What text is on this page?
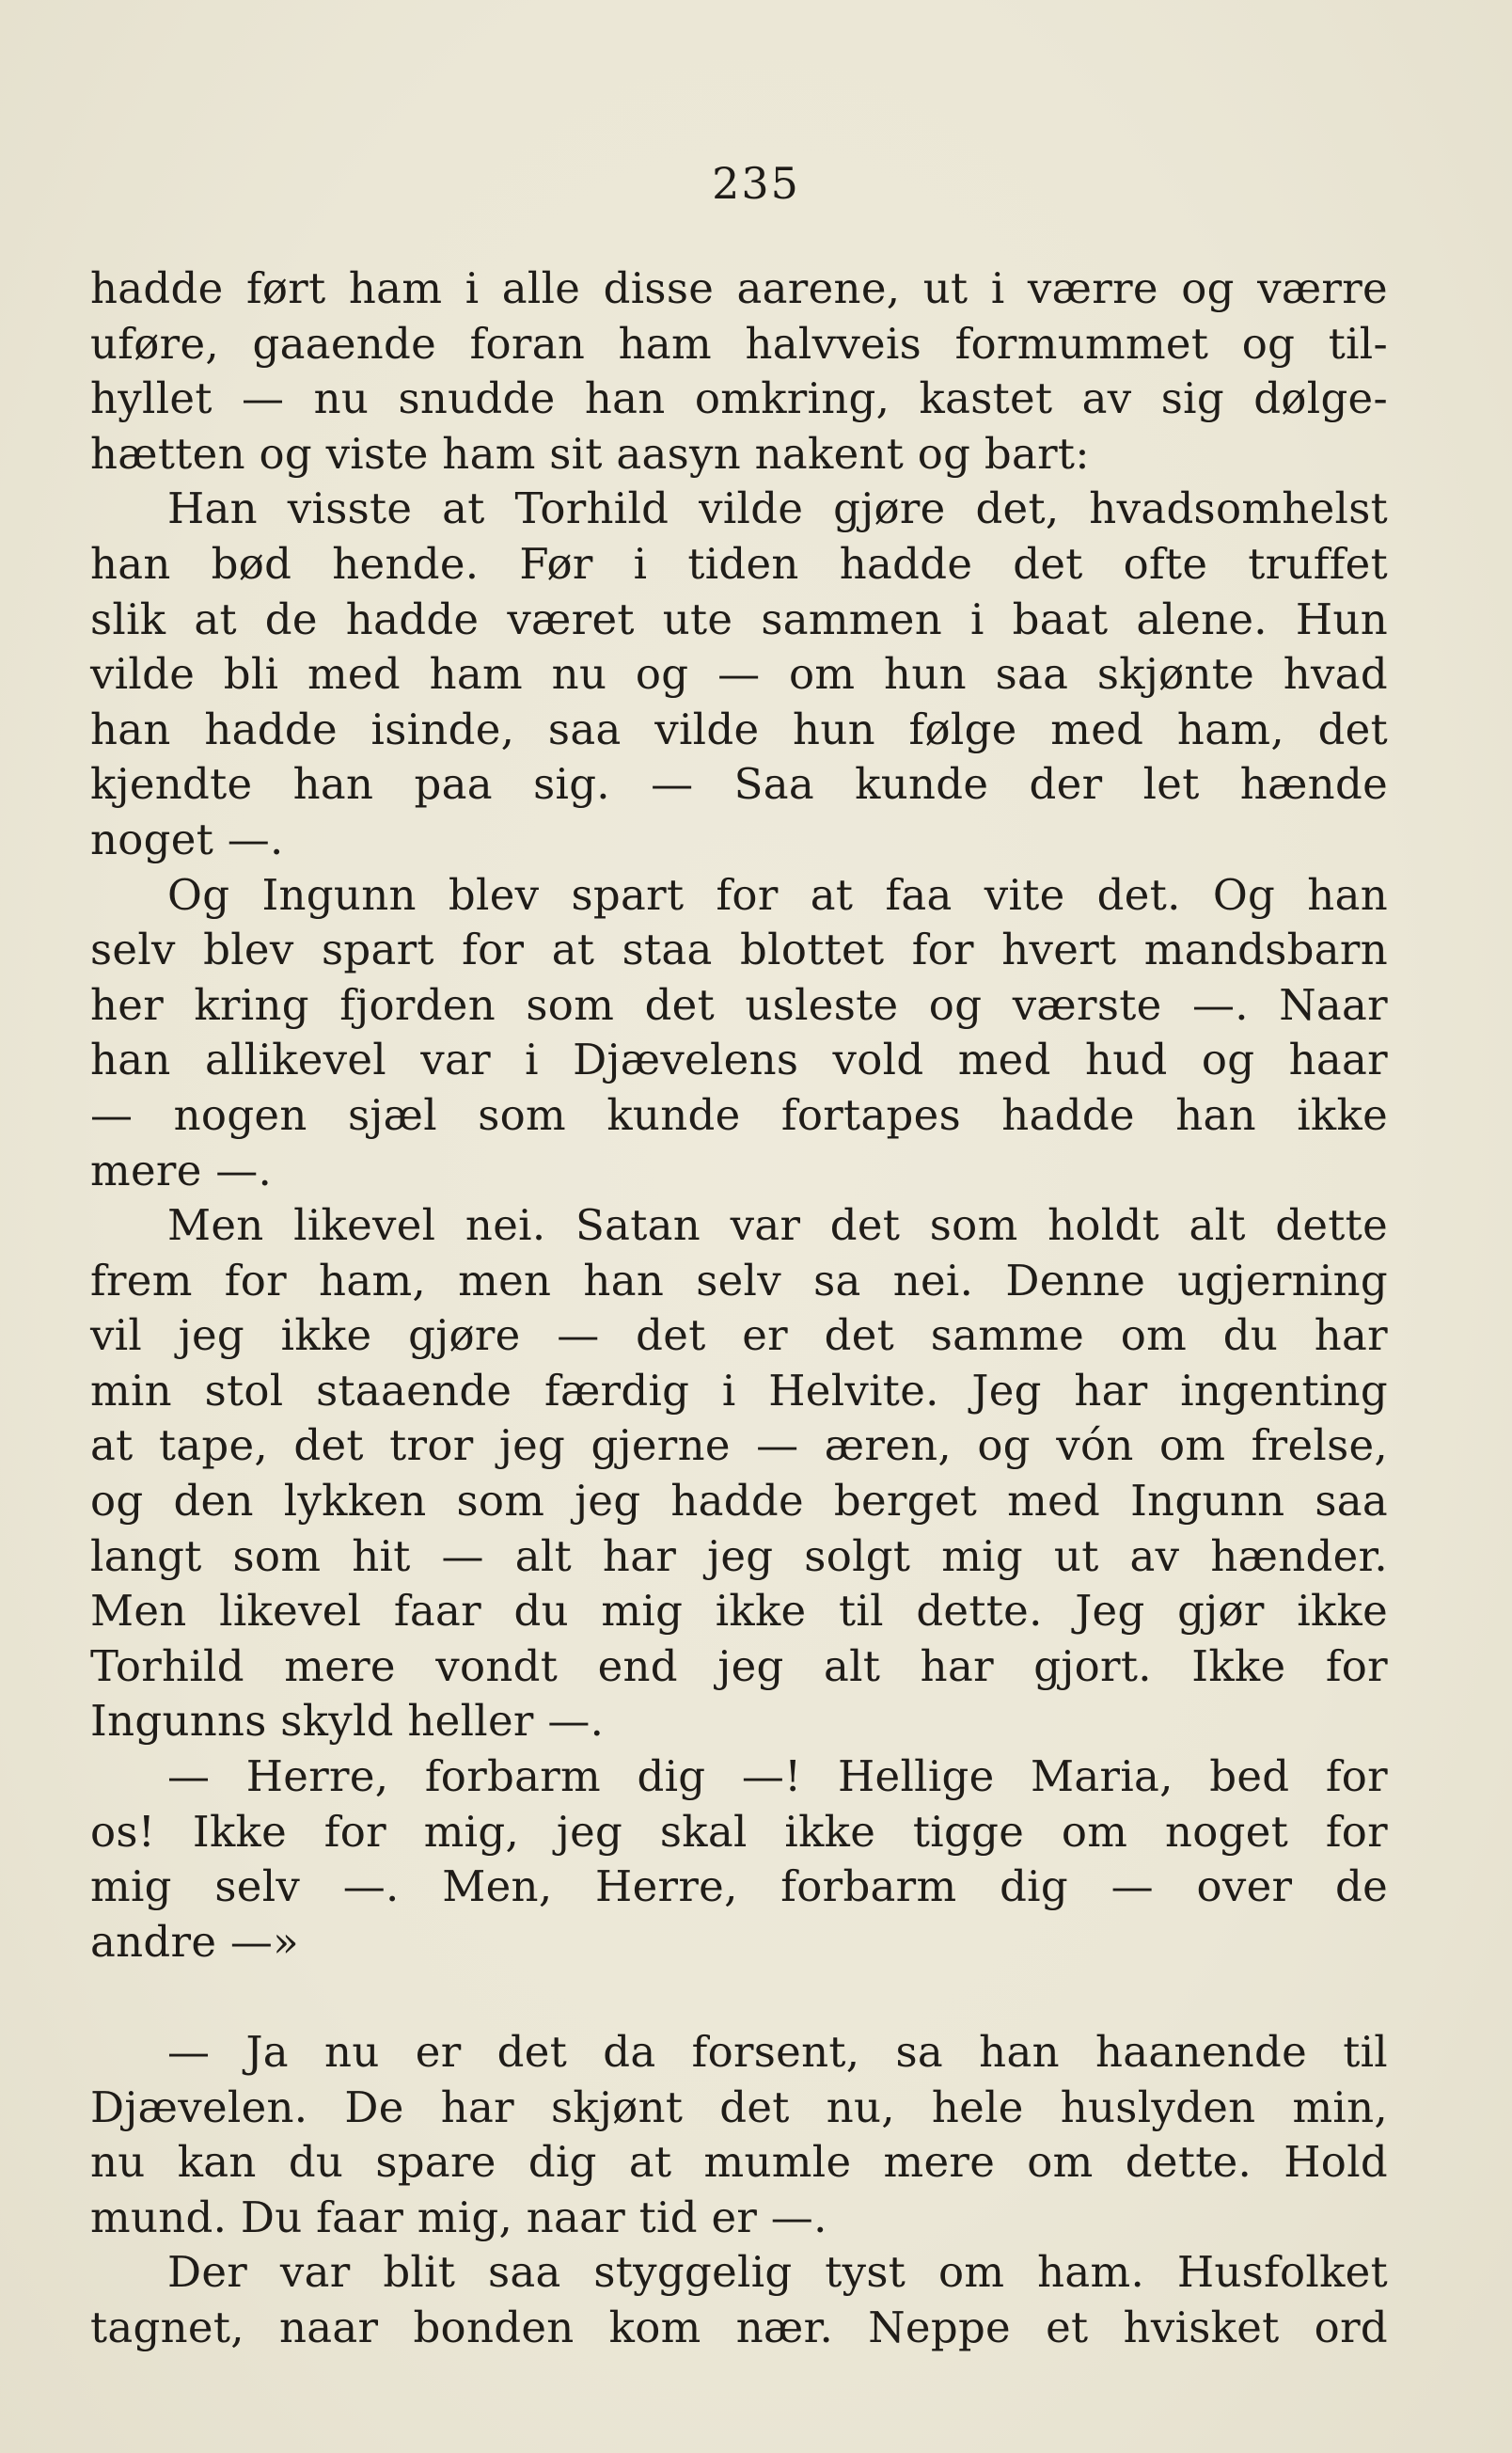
235
hadde ført ham i alle disse aarene, ut i værre og værre
uføre, gaaende foran ham halvveis formummet og til-
hyllet — nu snudde han omkring, kastet av sig dølge-
hætten og viste ham sit aasyn nakent og bart:
Han visste at Torhild vilde gjøre det, hvadsomhelst
han bød hende. Før i tiden hadde det ofte truffet
slik at de hadde været ute sammen i baat alene. Hun
vilde bli med ham nu og — om hun saa skjønte hvad
han hadde isinde, saa vilde hun følge med ham, det
kjendte han paa sig. — Saa kunde der let hænde
noget —.
Og Ingunn blev spart for at faa vite det. Og han
selv blev spart for at staa blottet for hvert mandsbarn
her kring fjorden som det usleste og værste —. Naar
han allikevel var i Djævelens vold med hud og haar
— nogen sjæl som kunde fortapes hadde han ikke
mere —.
Men likevel nei. Satan var det som holdt alt dette
frem for ham, men han selv sa nei. Denne ugjerning
vil jeg ikke gjøre — det er det samme om du har
min stol staaende færdig i Helvite. Jeg har ingenting
at tape, det tror jeg gjerne — æren, og vón om frelse,
og den lykken som jeg hadde berget med Ingunn saa
langt som hit — alt har jeg solgt mig ut av hænder.
Men likevel faar du mig ikke til dette. Jeg gjør ikke
Torhild mere vondt end jeg alt har gjort. Ikke for
Ingunns skyld heller —.
— Herre, forbarm dig —! Hellige Maria, bed for
os! Ikke for mig, jeg skal ikke tigge om noget for
mig selv —. Men, Herre, forbarm dig — over de
andre —»
— Ja nu er det da forsent, sa han haanende til
Djævelen. De har skjønt det nu, hele huslyden min,
nu kan du spare dig at mumle mere om dette. Hold
mund. Du faar mig, naar tid er —.
Der var blit saa styggelig tyst om ham. Husfolket
tagnet, naar bonden kom nær. Neppe et hvisket ord
